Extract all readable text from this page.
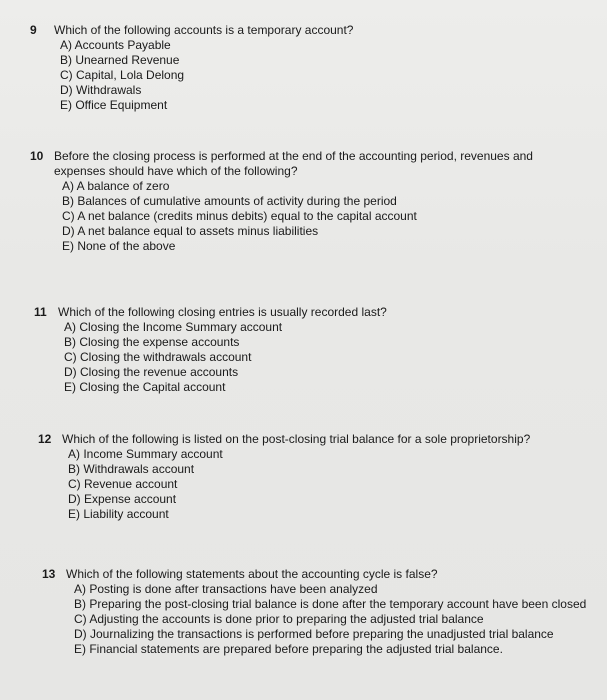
9	Which of the following accounts is a temporary account?
A) Accounts Payable
B) Unearned Revenue
C) Capital, Lola Delong
D) Withdrawals
E) Office Equipment
10 Before the closing process is performed at the end of the accounting period, revenues and
expenses should have which of the following?
A) A balance of zero
B) Balances of cumulative amounts of activity during the period
C) A net balance (credits minus debits) equal to the capital account
D) A net balance equal to assets minus liabilities
E) None of the above
11 Which of the following closing entries is usually recorded last?
A) Closing the Income Summary account
B) Closing the expense accounts
C) Closing the withdrawals account
D) Closing the revenue accounts
E) Closing the Capital account
12 Which of the following is listed on the post-closing trial balance for a sole proprietorship?
A) Income Summary account
B) Withdrawals account
C) Revenue account
D) Expense account
E) Liability account
13 Which of the following statements about the accounting cycle is false?
A) Posting is done after transactions have been analyzed
B) Preparing the post-closing trial balance is done after the temporary account have been closed
C) Adjusting the accounts is done prior to preparing the adjusted trial balance
D) Journalizing the transactions is performed before preparing the unadjusted trial balance
E) Financial statements are prepared before preparing the adjusted trial balance.
